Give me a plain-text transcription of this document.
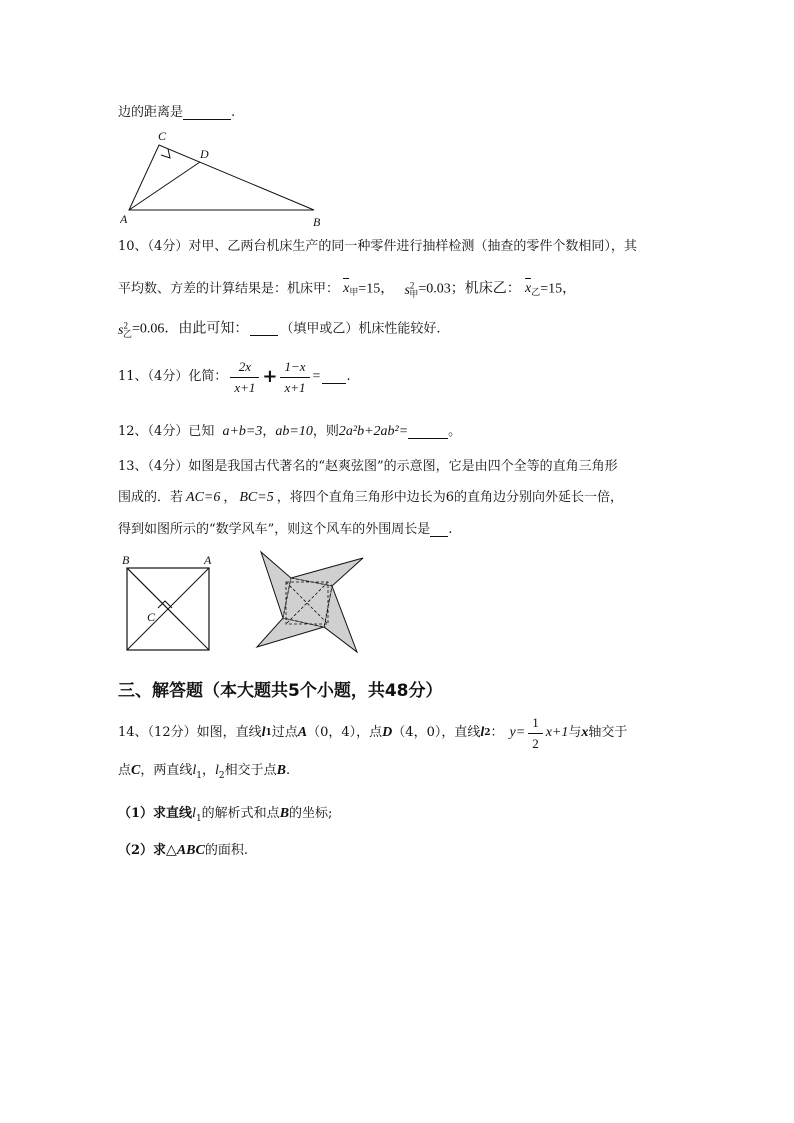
边的距离是	.
C
D
A	B
10、（4分）对甲、乙两台机床生产的同一种零件进行抽样检测（抽查的零件个数相同），其
平均数、方差的计算结果是：机床甲： $x_甲=15$， $s^2_甲=0.03$；机床乙： $x_乙=15$，
$s^2_乙=0.06$．由此可知： （填甲或乙）机床性能较好.
11、（4分） 化简： $\frac{2x}{x+1} + \frac{1-x}{x+1}$ = .
12、（4分）已知 a+b=3，ab=10，则2a²b+2ab²=	。
13、（4分）如图是我国古代著名的“赵爽弦图”的示意图，它是由四个全等的直角三角形
围成的．若 AC=6 ， BC=5 ，将四个直角三角形中边长为6的直角边分别向外延长一倍，
得到如图所示的“数学风车”，则这个风车的外围周长是 .
B	A
C
三、解答题（本大题共5个小题，共48分）
14、（12分） 如图，直线 l 1 过点 A （0，4），点 D （4，0），直线 l 2 ： $y= \frac{1}{2} x+1$ 与 x 轴交于
点C，两直线$l_1$，$l_2$相交于点B.
（1）求直线$l_1$的解析式和点B的坐标;
（2）求△ABC的面积.
